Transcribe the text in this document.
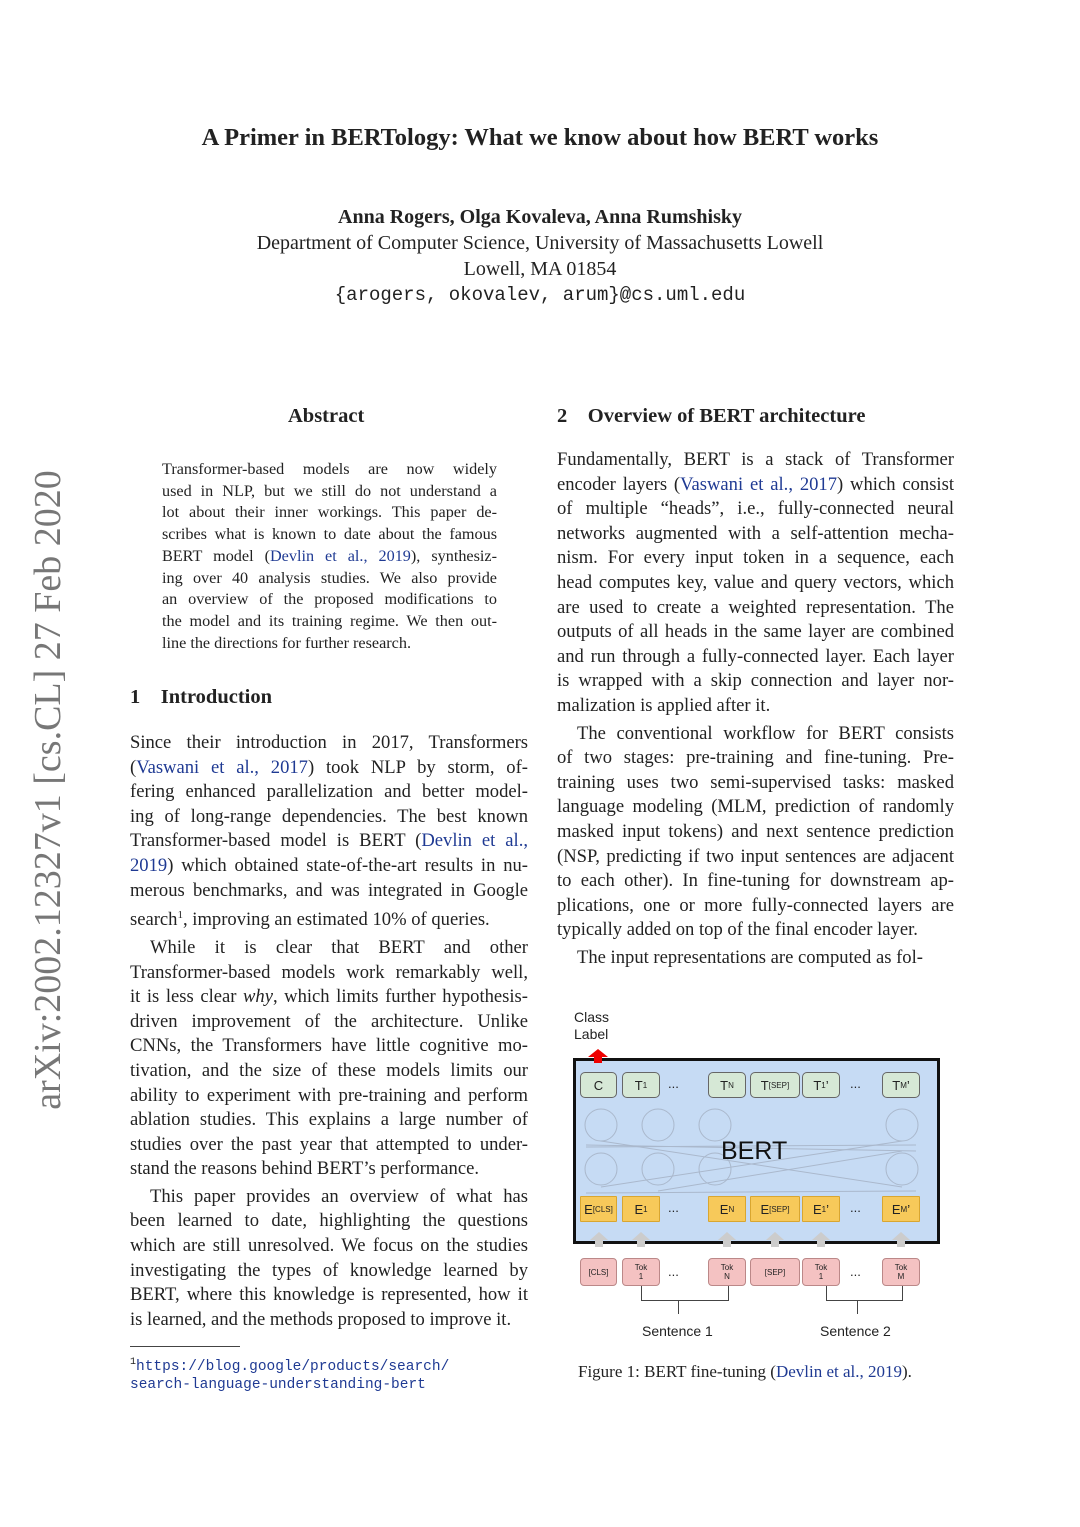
arXiv:2002.12327v1 [cs.CL] 27 Feb 2020
A Primer in BERTology: What we know about how BERT works
Anna Rogers, Olga Kovaleva, Anna Rumshisky
Department of Computer Science, University of Massachusetts Lowell
Lowell, MA 01854
{arogers, okovalev, arum}@cs.uml.edu
Abstract
Transformer-based models are now widely
used in NLP, but we still do not understand a
lot about their inner workings. This paper de-
scribes what is known to date about the famous
BERT model (Devlin et al., 2019), synthesiz-
ing over 40 analysis studies. We also provide
an overview of the proposed modifications to
the model and its training regime. We then out-
line the directions for further research.
1    Introduction
Since their introduction in 2017, Transformers
(Vaswani et al., 2017) took NLP by storm, of-
fering enhanced parallelization and better model-
ing of long-range dependencies. The best known
Transformer-based model is BERT (Devlin et al.,
2019) which obtained state-of-the-art results in nu-
merous benchmarks, and was integrated in Google
search$^1$, improving an estimated 10% of queries.
While it is clear that BERT and other
Transformer-based models work remarkably well,
it is less clear why, which limits further hypothesis-
driven improvement of the architecture. Unlike
CNNs, the Transformers have little cognitive mo-
tivation, and the size of these models limits our
ability to experiment with pre-training and perform
ablation studies. This explains a large number of
studies over the past year that attempted to under-
stand the reasons behind BERT’s performance.
This paper provides an overview of what has
been learned to date, highlighting the questions
which are still unresolved. We focus on the studies
investigating the types of knowledge learned by
BERT, where this knowledge is represented, how it
is learned, and the methods proposed to improve it.
$^1$https://blog.google/products/search/
search-language-understanding-bert
2    Overview of BERT architecture
Fundamentally, BERT is a stack of Transformer
encoder layers (Vaswani et al., 2017) which consist
of multiple “heads”, i.e., fully-connected neural
networks augmented with a self-attention mecha-
nism. For every input token in a sequence, each
head computes key, value and query vectors, which
are used to create a weighted representation. The
outputs of all heads in the same layer are combined
and run through a fully-connected layer. Each layer
is wrapped with a skip connection and layer nor-
malization is applied after it.
The conventional workflow for BERT consists
of two stages: pre-training and fine-tuning. Pre-
training uses two semi-supervised tasks: masked
language modeling (MLM, prediction of randomly
masked input tokens) and next sentence prediction
(NSP, predicting if two input sentences are adjacent
to each other). In fine-tuning for downstream ap-
plications, one or more fully-connected layers are
typically added on top of the final encoder layer.
The input representations are computed as fol-
Class
Label
BERT
C T 1 ...	T N T [SEP] T 1 ’ ...	T M ’
E [CLS] E 1 ...	E N E [SEP] E 1 ’ ...	E M ’
[CLS]	Tok
1 ...	Tok
N	[SEP]	Tok
1 ...	Tok
M
Sentence 1	Sentence 2
Figure 1: BERT fine-tuning (Devlin et al., 2019).
